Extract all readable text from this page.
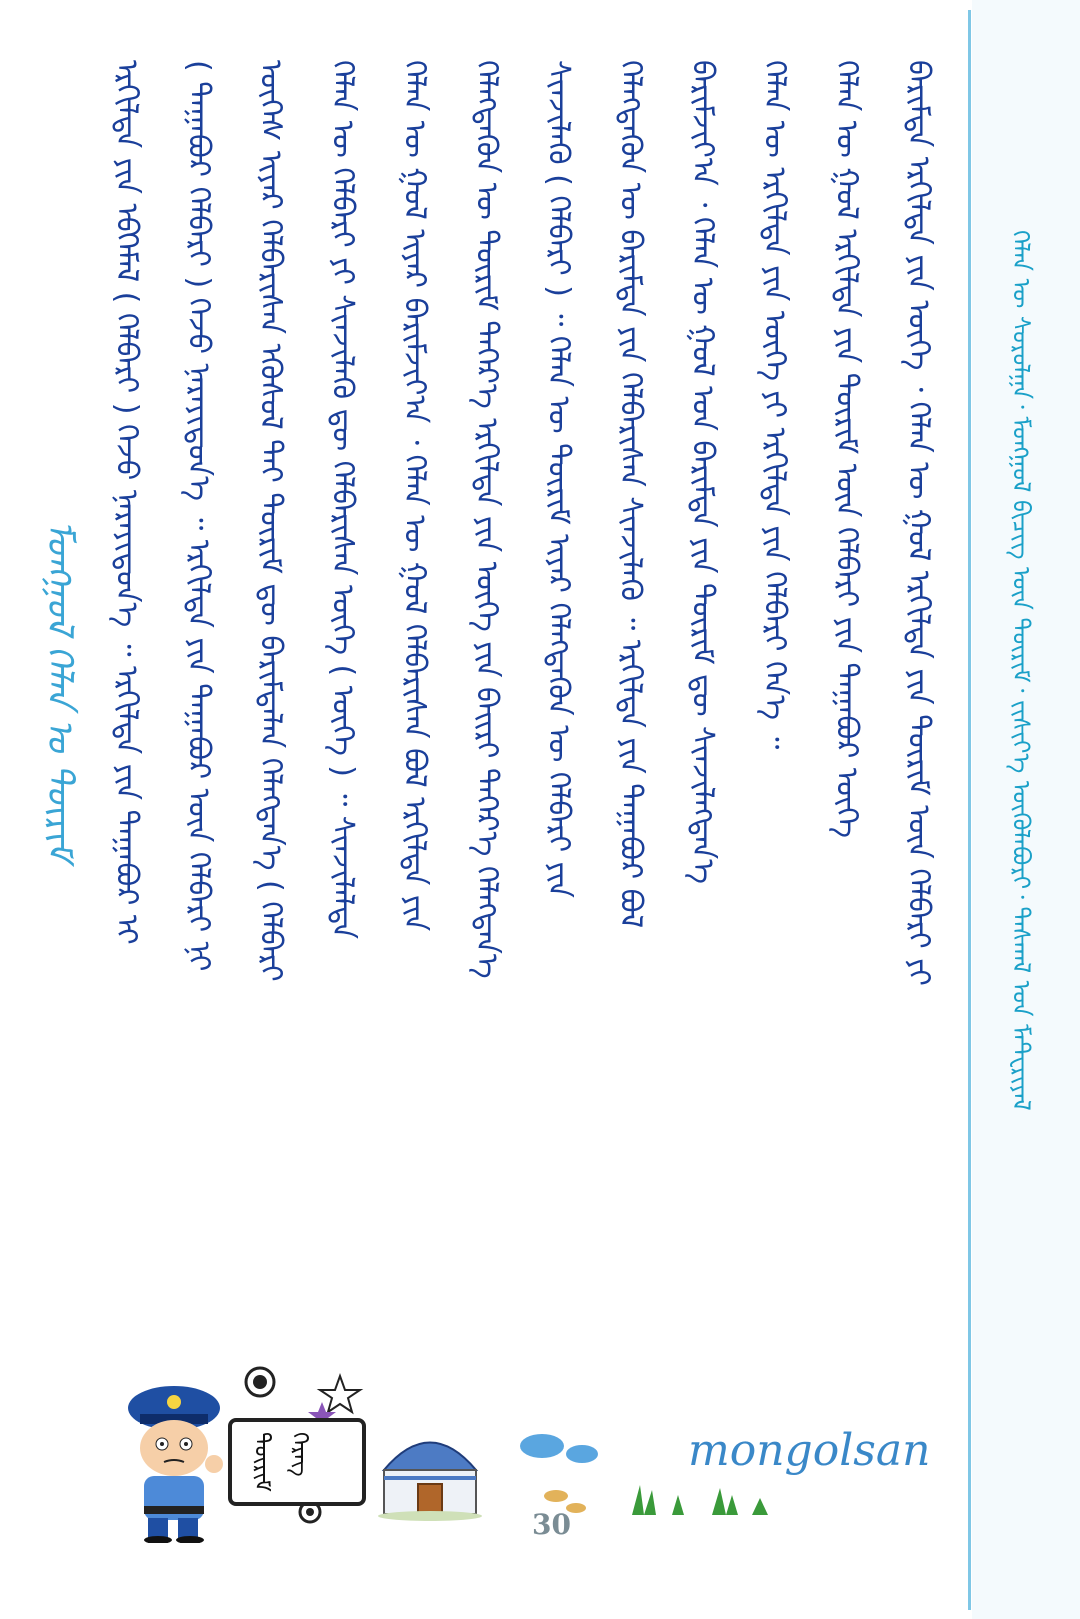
ᠮᠣᠩᠭᠣᠯ ᠬᠡᠯᠡᠨ ᠤ ᠳᠦᠷᠢᠮ ᠡᠷᠭᠢᠯᠲᠡ ᠶᠢᠨ ᠡᠪᠬᠡᠮᠡᠯ ( ᠬᠡᠯᠪᠡᠷᠢ ) ᠭᠡᠵᠦ ᠨᠡᠷᠡᠶᠢᠳᠦᠨ᠎ᠡ ᠃ ᠡᠷᠭᠢᠯᠲᠡ ᠶᠢᠨ ᠳᠠᠭᠠᠪᠤᠷ ᠢ ( ᠳᠠᠭᠠᠪᠤᠷ ᠬᠡᠯᠪᠡᠷᠢ ) ᠭᠡᠵᠦ ᠨᠡᠷᠡᠶᠢᠳᠦᠨ᠎ᠡ ᠃ ᠡᠷᠭᠢᠯᠲᠡ ᠶᠢᠨ ᠳᠠᠭᠠᠪᠤᠷ ᠦᠨ ᠬᠡᠯᠪᠡᠷᠢ ᠨᠢ ᠦᠭᠡᠰ ᠢᠶᠡᠷ ᠬᠡᠯᠪᠡᠷᠢᠰᠡᠨ ᠡᠭᠦᠰᠦᠯ ᠲᠡᠶ ᠳᠦᠷᠢᠮ ᠳᠦ ᠪᠠᠷᠢᠮᠲᠠᠯᠠᠨ ᠬᠡᠯᠡᠭᠳᠡᠨ᠎ᠡ ( ᠬᠡᠯᠪᠡᠷᠢ ᠬᠡᠯᠡᠨ ᠦ ᠬᠡᠯᠪᠡᠷᠢ ᠶᠢ ᠰᠢᠨᠵᠢᠯᠡᠬᠦ ᠳᠦ ᠬᠡᠯᠪᠡᠷᠢᠰᠡᠨ ᠦᠭᠡ ( ᠦᠭᠡ ) ᠃ ᠰᠢᠨᠵᠢᠯᠡᠯᠲᠡ ᠬᠡᠯᠡᠨ ᠦ ᠭᠣᠯ ᠢᠶᠡᠷ ᠪᠠᠷᠢᠮᠵᠢᠶ᠎ᠠ ᠂ ᠬᠡᠯᠡᠨ ᠦ ᠭᠣᠯ ᠬᠡᠯᠪᠡᠷᠢᠰᠡᠨ ᠪᠣᠯ ᠡᠷᠭᠢᠯᠲᠡ ᠶᠢᠨ ᠬᠡᠯᠡᠭᠳᠡᠬᠦᠨ ᠦ ᠳᠦᠷᠢᠮ ᠳᠡᠭᠡᠷ᠎ᠡ ᠡᠷᠭᠢᠯᠲᠡ ᠶᠢᠨ ᠦᠭᠡ ᠶᠢᠨ ᠪᠠᠢᠷᠢ ᠳᠡᠭᠡᠷ᠎ᠡ ᠬᠡᠯᠡᠭᠳᠡᠨ᠎ᠡ ᠰᠢᠨᠵᠢᠯᠡᠬᠦ ( ᠬᠡᠯᠪᠡᠷᠢ ) ᠃ ᠬᠡᠯᠡᠨ ᠦ ᠳᠦᠷᠢᠮ ᠢᠶᠡᠷ ᠬᠡᠯᠡᠭᠳᠡᠬᠦᠨ ᠦ ᠬᠡᠯᠪᠡᠷᠢ ᠶᠢᠨ ᠬᠡᠯᠡᠭᠳᠡᠬᠦᠨ ᠦ ᠪᠠᠷᠢᠮᠲᠠ ᠶᠢᠨ ᠬᠡᠯᠪᠡᠷᠢᠰᠡᠨ ᠰᠢᠨᠵᠢᠯᠡᠬᠦ ᠃ ᠡᠷᠭᠢᠯᠲᠡ ᠶᠢᠨ ᠳᠠᠭᠠᠪᠤᠷ ᠪᠣᠯ ᠪᠠᠷᠢᠮᠵᠢᠶ᠎ᠠ ᠂ ᠬᠡᠯᠡᠨ ᠦ ᠭᠣᠯ ᠤᠨ ᠪᠠᠷᠢᠮᠲᠠ ᠶᠢᠨ ᠳᠦᠷᠢᠮ ᠳᠦ ᠰᠢᠨᠵᠢᠯᠡᠭᠳᠡᠨ᠎ᠡ ᠬᠡᠯᠡᠨ ᠦ ᠡᠷᠭᠢᠯᠲᠡ ᠶᠢᠨ ᠦᠭᠡ ᠶᠢ ᠡᠷᠭᠢᠯᠲᠡ ᠶᠢᠨ ᠬᠡᠯᠪᠡᠷᠢ ᠭᠡᠨ᠎ᠡ ᠃ ᠬᠡᠯᠡᠨ ᠦ ᠭᠣᠯ ᠡᠷᠭᠢᠯᠲᠡ ᠶᠢᠨ ᠳᠦᠷᠢᠮ ᠦᠨ ᠬᠡᠯᠪᠡᠷᠢ ᠶᠢᠨ ᠳᠠᠭᠠᠪᠤᠷ ᠦᠭᠡ ᠪᠠᠷᠢᠮᠲᠠ ᠡᠷᠭᠢᠯᠲᠡ ᠶᠢᠨ ᠦᠭᠡ ᠂ ᠬᠡᠯᠡᠨ ᠦ ᠭᠣᠯ ᠡᠷᠭᠢᠯᠲᠡ ᠶᠢᠨ ᠳᠦᠷᠢᠮ ᠦᠨ ᠬᠡᠯᠪᠡᠷᠢ ᠶᠢ	ᠬᠡᠯᠡᠨ ᠦ ᠰᠤᠷᠤᠯᠭᠠ᠂ ᠮᠣᠩᠭᠣᠯ ᠪᠢᠴᠢᠭ ᠦᠨ ᠳᠦᠷᠢᠮ᠂ ᠵᠢᠱᠢᠶ᠎ᠡ ᠦᠭᠦᠯᠡᠪᠦᠷᠢ᠂ ᠳᠠᠰᠬᠠᠯ ᠤᠨ ᠮᠠᠲ᠋ᠧᠷᠢᠶᠠᠯ
ᠳᠦᠷᠢᠮ ᠬᠡᠷᠡᠭ	mongolsan
30
